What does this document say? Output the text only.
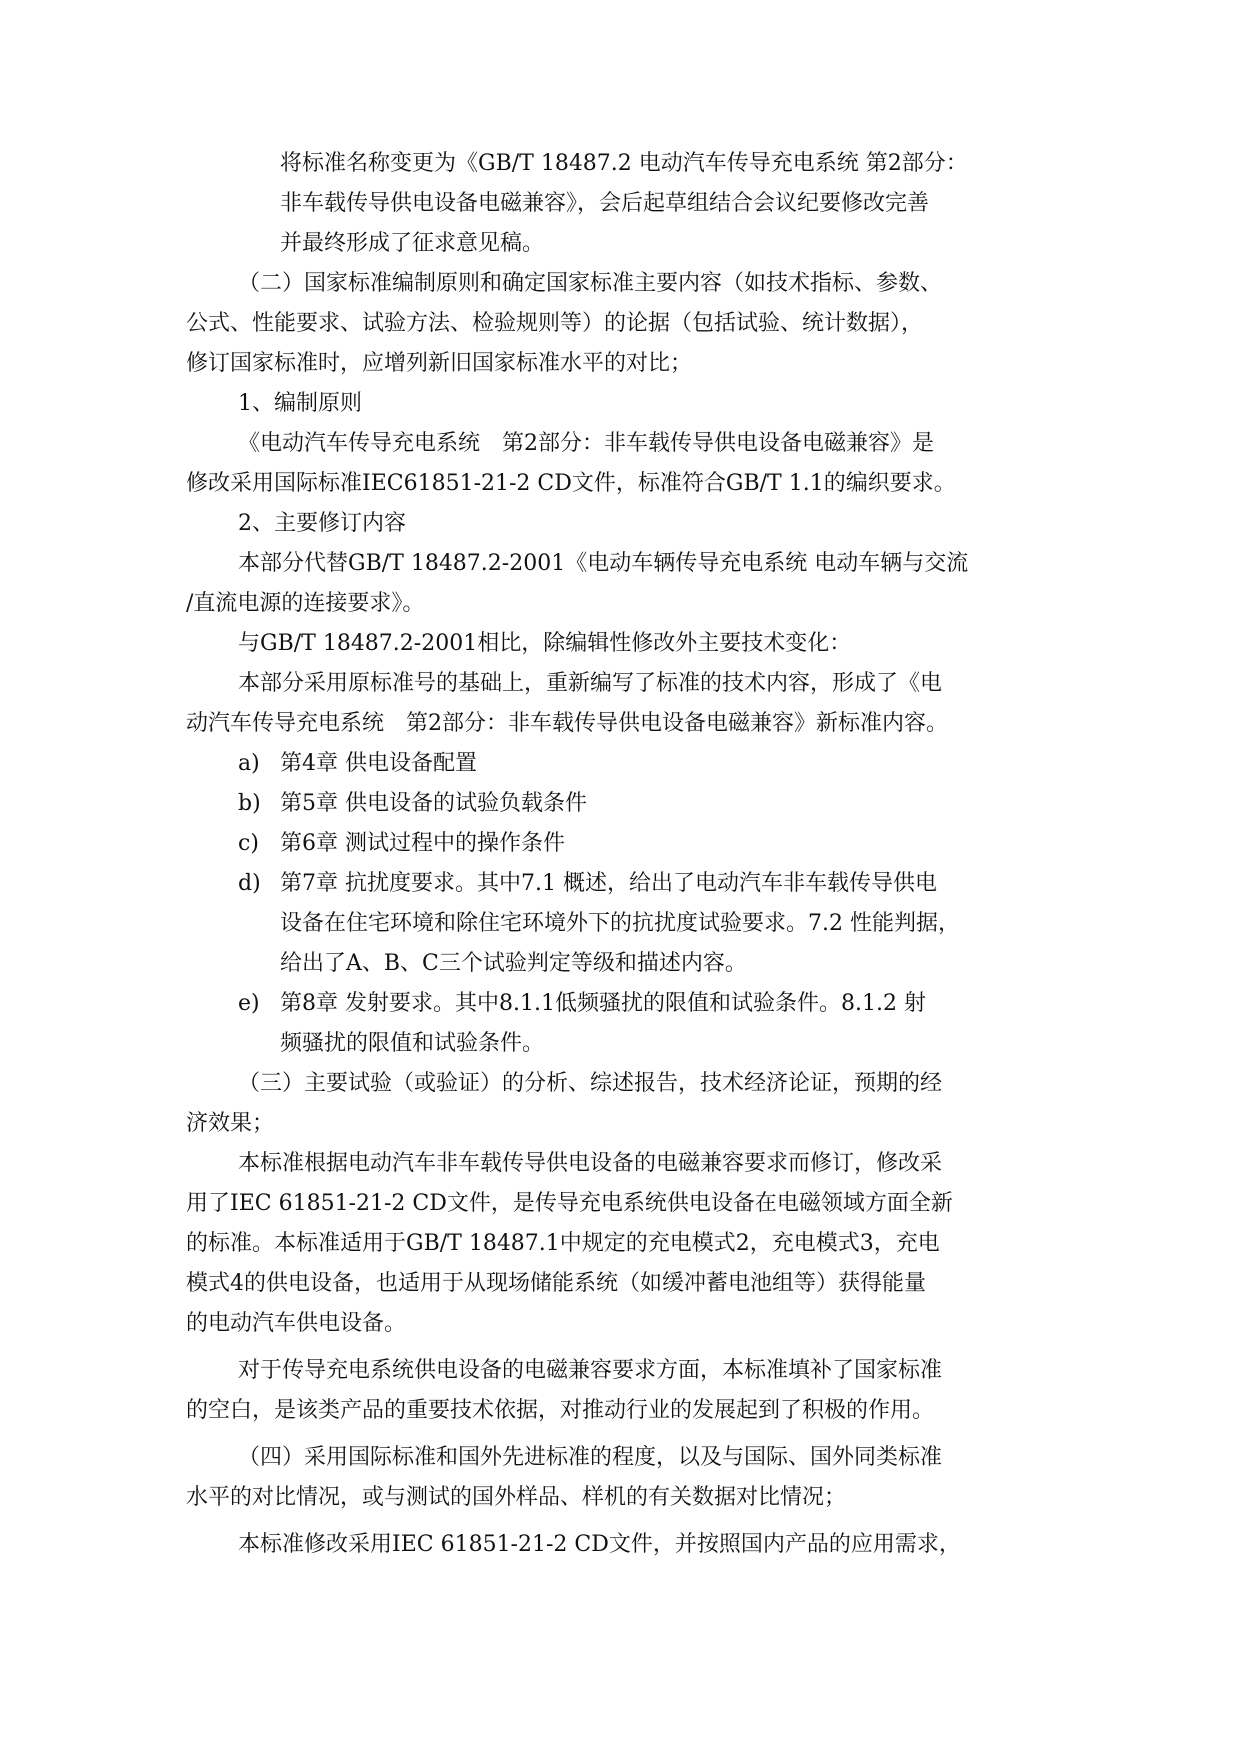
将标准名称变更为《GB/T 18487.2 电动汽车传导充电系统 第2部分：
非车载传导供电设备电磁兼容》，会后起草组结合会议纪要修改完善
并最终形成了征求意见稿。
（二）国家标准编制原则和确定国家标准主要内容（如技术指标、参数、
公式、性能要求、试验方法、检验规则等）的论据（包括试验、统计数据），
修订国家标准时，应增列新旧国家标准水平的对比；
1、编制原则
《电动汽车传导充电系统　第2部分：非车载传导供电设备电磁兼容》是
修改采用国际标准IEC61851-21-2 CD文件，标准符合GB/T 1.1的编织要求。
2、主要修订内容
本部分代替GB/T 18487.2-2001《电动车辆传导充电系统 电动车辆与交流
/直流电源的连接要求》。
与GB/T 18487.2-2001相比，除编辑性修改外主要技术变化：
本部分采用原标准号的基础上，重新编写了标准的技术内容，形成了《电
动汽车传导充电系统　第2部分：非车载传导供电设备电磁兼容》新标准内容。
a) 第4章 供电设备配置
b) 第5章 供电设备的试验负载条件
c) 第6章 测试过程中的操作条件
d) 第7章 抗扰度要求。其中7.1 概述，给出了电动汽车非车载传导供电
设备在住宅环境和除住宅环境外下的抗扰度试验要求。7.2 性能判据，
给出了A、B、C三个试验判定等级和描述内容。
e) 第8章 发射要求。其中8.1.1低频骚扰的限值和试验条件。8.1.2 射
频骚扰的限值和试验条件。
（三）主要试验（或验证）的分析、综述报告，技术经济论证，预期的经
济效果；
本标准根据电动汽车非车载传导供电设备的电磁兼容要求而修订，修改采
用了IEC 61851-21-2 CD文件，是传导充电系统供电设备在电磁领域方面全新
的标准。本标准适用于GB/T 18487.1中规定的充电模式2，充电模式3，充电
模式4的供电设备，也适用于从现场储能系统（如缓冲蓄电池组等）获得能量
的电动汽车供电设备。
对于传导充电系统供电设备的电磁兼容要求方面，本标准填补了国家标准
的空白，是该类产品的重要技术依据，对推动行业的发展起到了积极的作用。
（四）采用国际标准和国外先进标准的程度，以及与国际、国外同类标准
水平的对比情况，或与测试的国外样品、样机的有关数据对比情况；
本标准修改采用IEC 61851-21-2 CD文件，并按照国内产品的应用需求，
